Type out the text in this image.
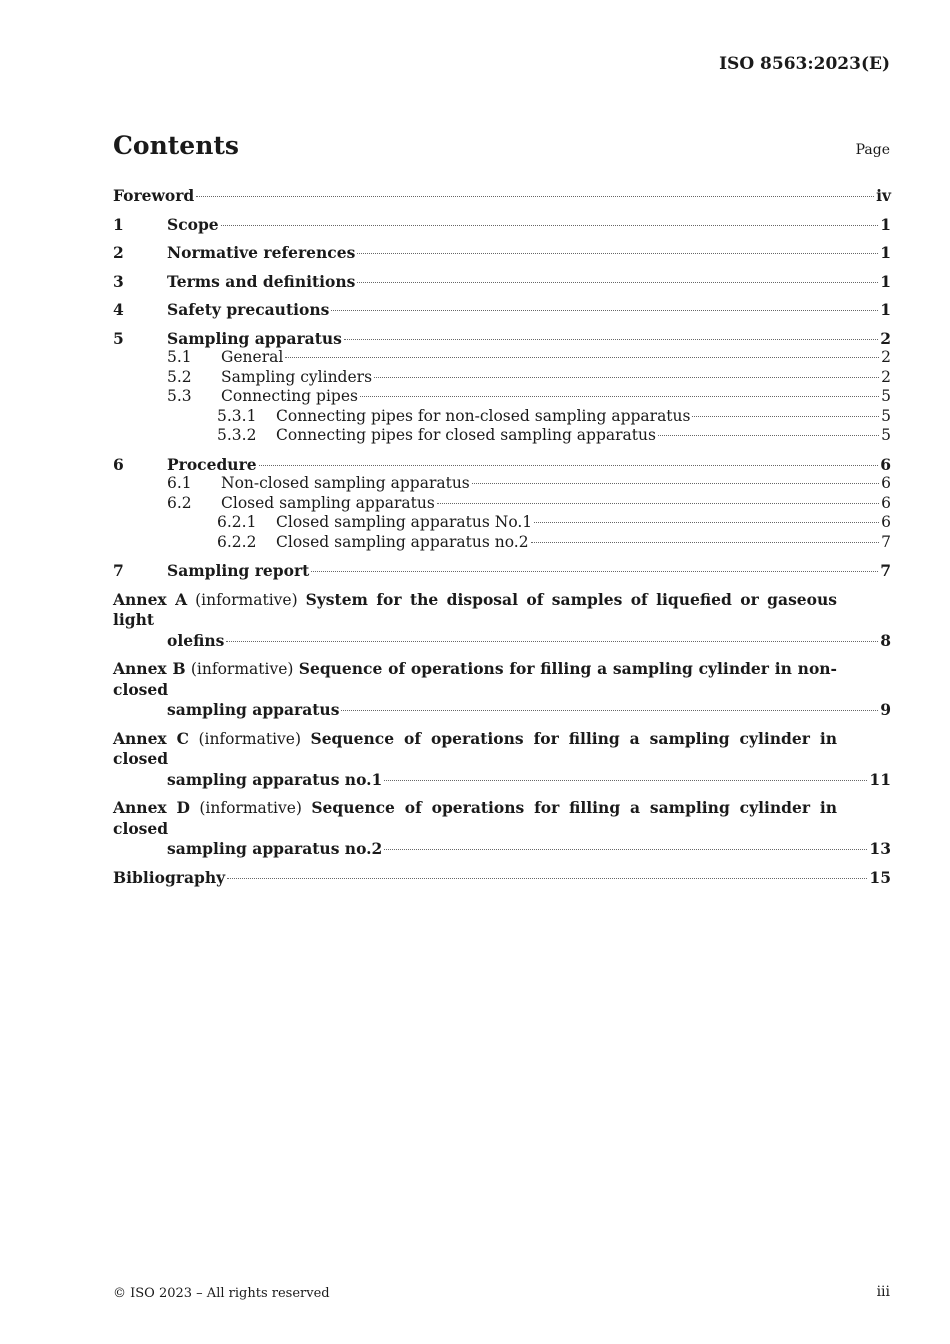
ISO 8563:2023(E)
Contents	Page
Foreword	iv
1	Scope	1
2	Normative references	1
3	Terms and definitions	1
4	Safety precautions	1
5	Sampling apparatus	2
5.1	General	2
5.2	Sampling cylinders	2
5.3	Connecting pipes	5
5.3.1	Connecting pipes for non-closed sampling apparatus	5
5.3.2	Connecting pipes for closed sampling apparatus	5
6	Procedure	6
6.1	Non-closed sampling apparatus	6
6.2	Closed sampling apparatus	6
6.2.1	Closed sampling apparatus No.1	6
6.2.2	Closed sampling apparatus no.2	7
7	Sampling report	7
Annex A (informative) System for the disposal of samples of liquefied or gaseous light
olefins	8
Annex B (informative) Sequence of operations for filling a sampling cylinder in non-closed
sampling apparatus	9
Annex C (informative) Sequence of operations for filling a sampling cylinder in closed
sampling apparatus no.1	11
Annex D (informative) Sequence of operations for filling a sampling cylinder in closed
sampling apparatus no.2	13
Bibliography	15
© ISO 2023 – All rights reserved	iii
